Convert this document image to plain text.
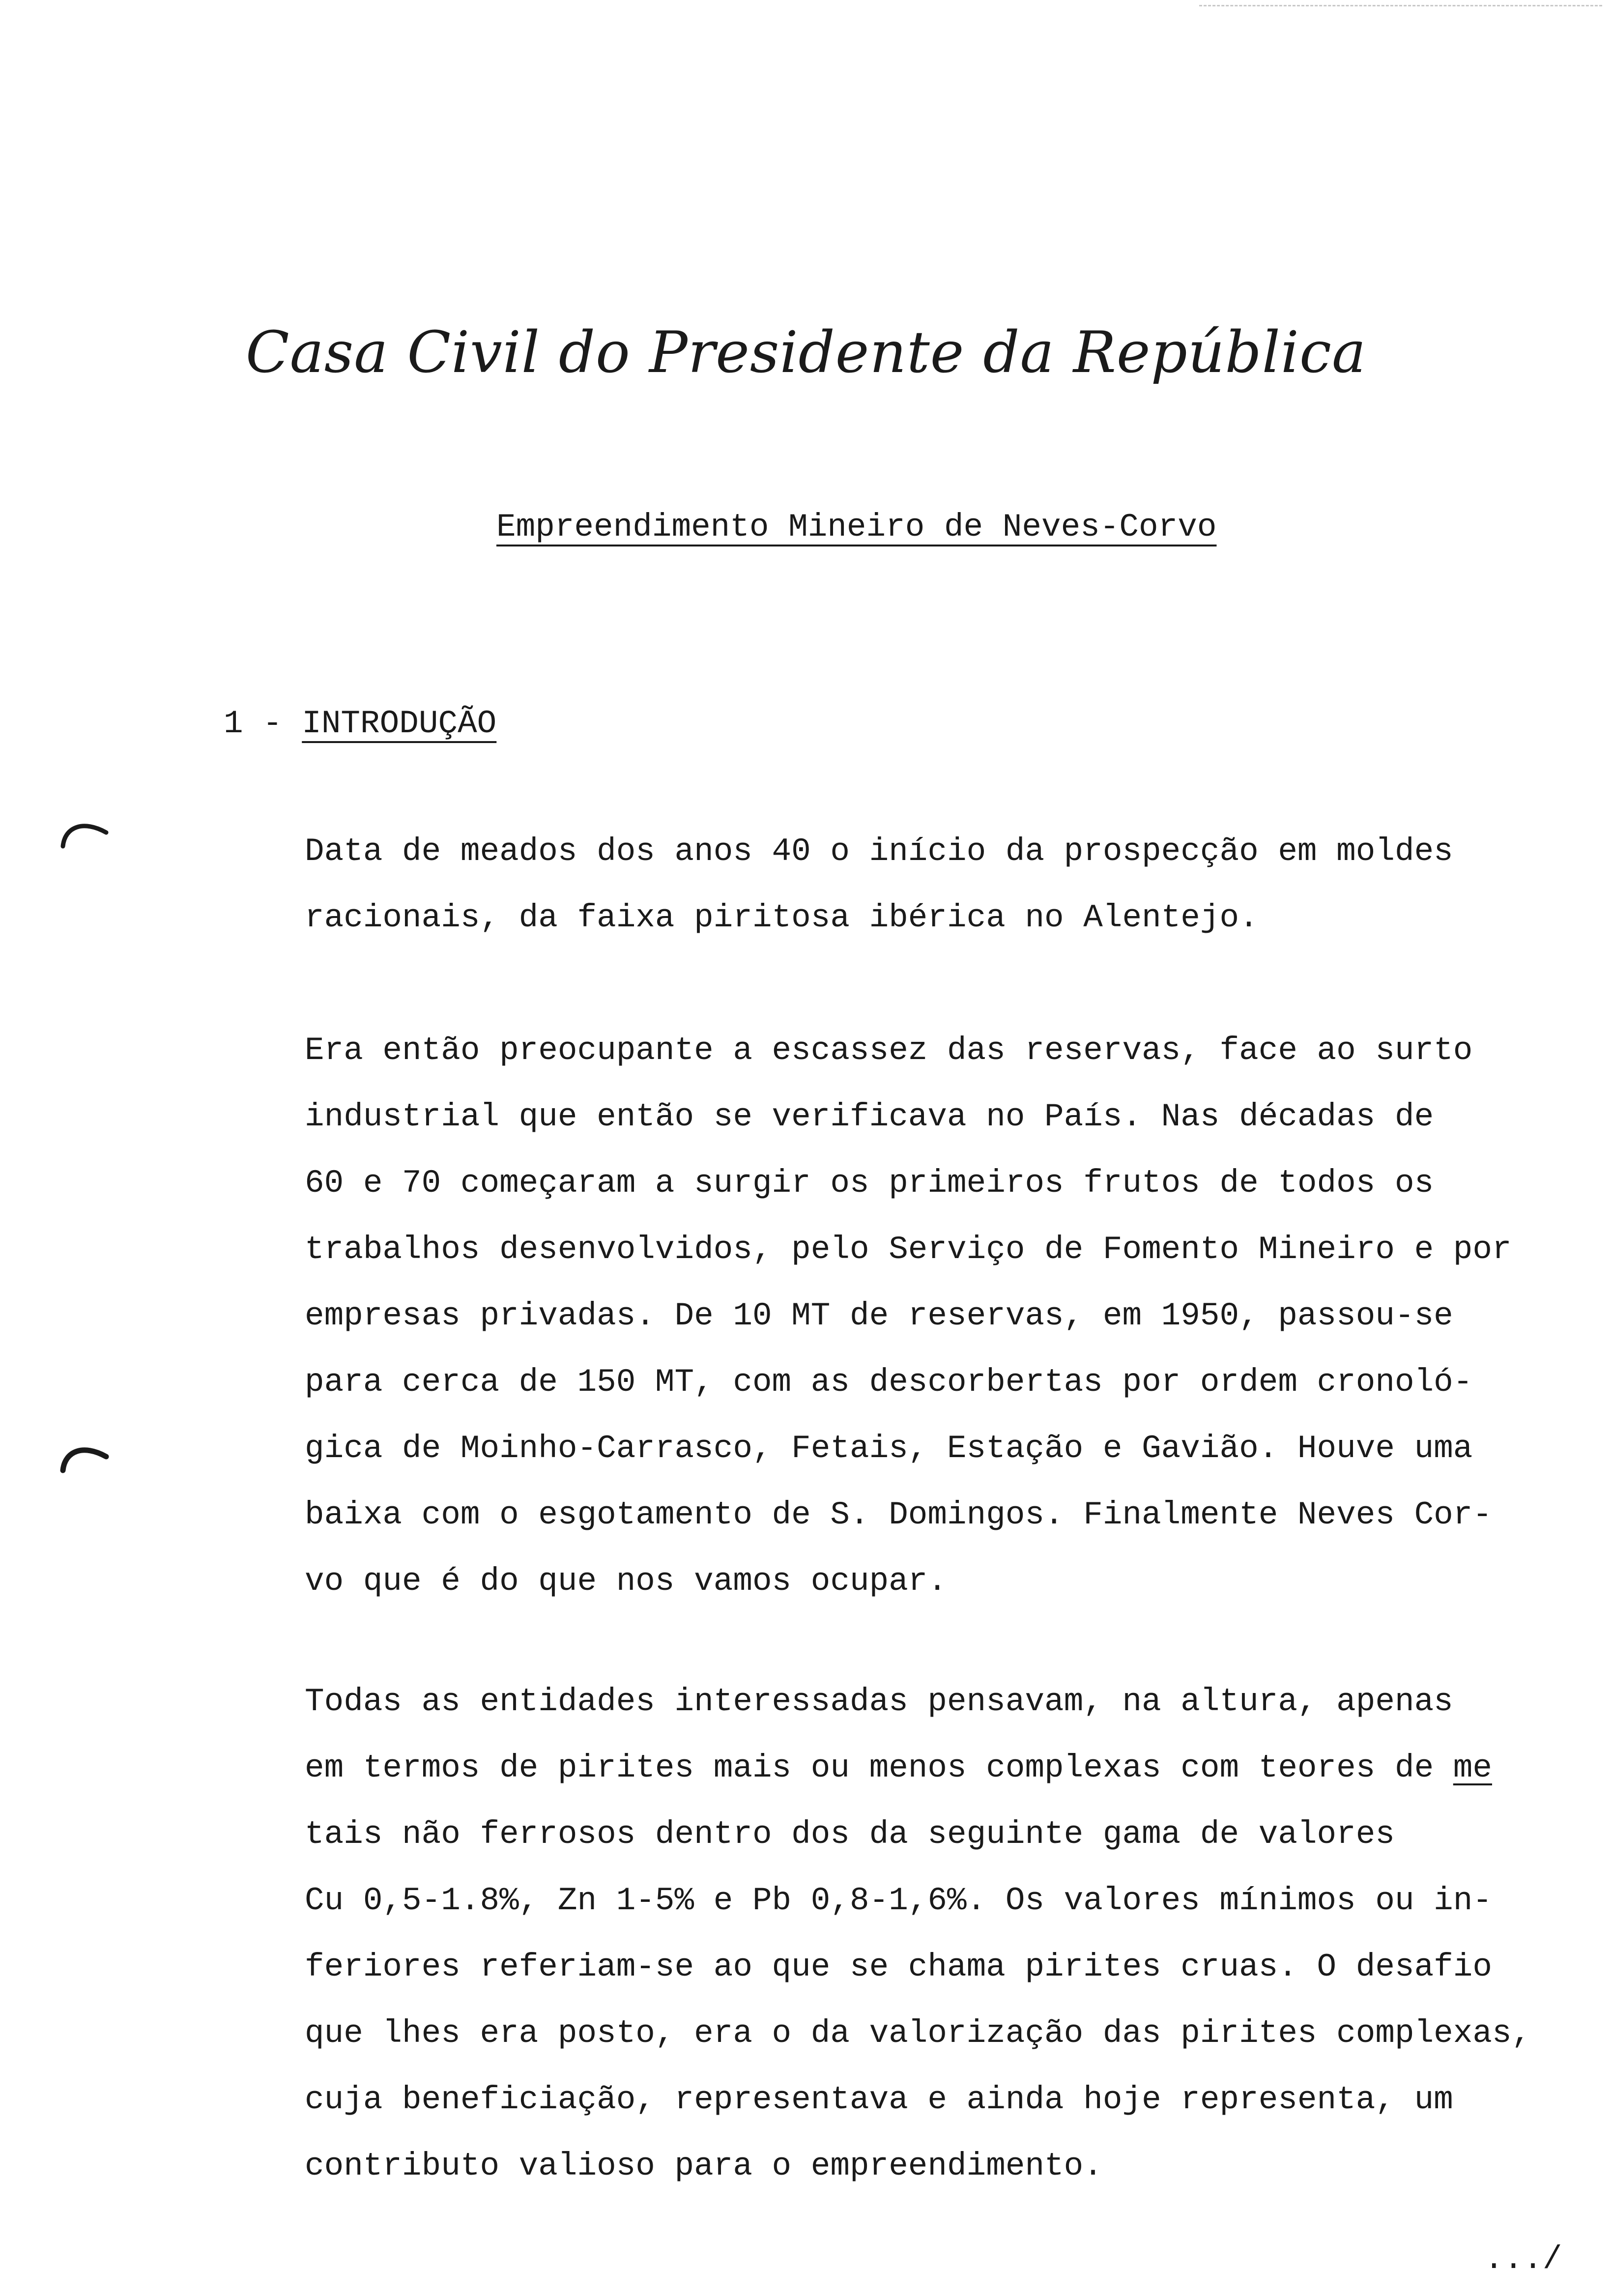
Casa Civil do Presidente da República
Empreendimento Mineiro de Neves-Corvo
1 - INTRODUÇÃO
Data de meados dos anos 40 o início da prospecção em moldes
racionais, da faixa piritosa ibérica no Alentejo.
Era então preocupante a escassez das reservas, face ao surto
industrial que então se verificava no País. Nas décadas de
60 e 70 começaram a surgir os primeiros frutos de todos os
trabalhos desenvolvidos, pelo Serviço de Fomento Mineiro e por
empresas privadas. De 10 MT de reservas, em 1950, passou-se
para cerca de 150 MT, com as descorbertas por ordem cronoló-
gica de Moinho-Carrasco, Fetais, Estação e Gavião. Houve uma
baixa com o esgotamento de S. Domingos. Finalmente Neves Cor-
vo que é do que nos vamos ocupar.
Todas as entidades interessadas pensavam, na altura, apenas
em termos de pirites mais ou menos complexas com teores de me
tais não ferrosos dentro dos da seguinte gama de valores
Cu 0,5-1.8%, Zn 1-5% e Pb 0,8-1,6%. Os valores mínimos ou in-
feriores referiam-se ao que se chama pirites cruas. O desafio
que lhes era posto, era o da valorização das pirites complexas,
cuja beneficiação, representava e ainda hoje representa, um
contributo valioso para o empreendimento.
.../
